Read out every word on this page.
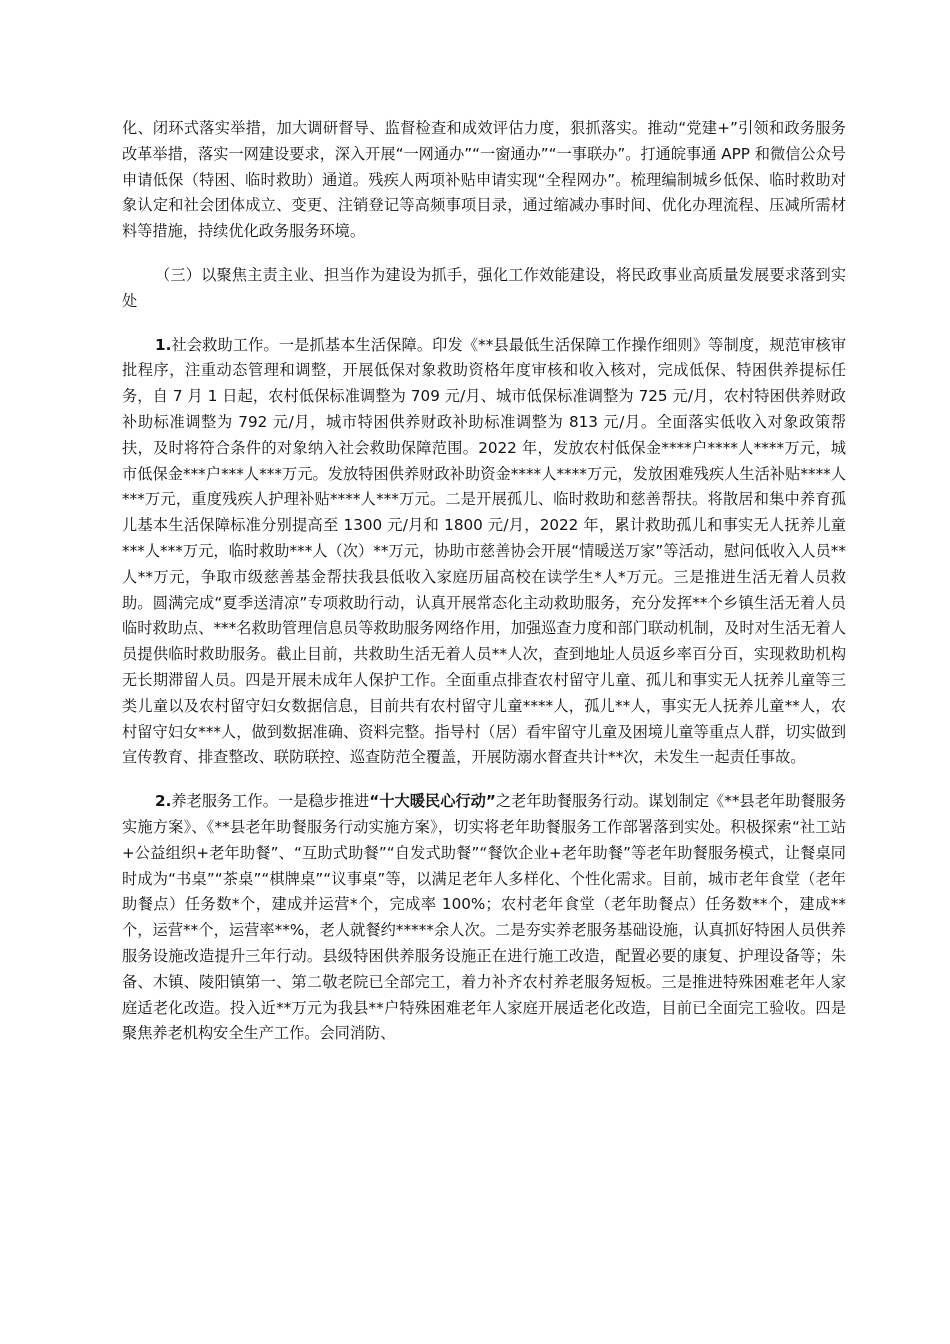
化、闭环式落实举措，加大调研督导、监督检查和成效评估力度，狠抓落实。推动“党建+”引领和政务服务改革举措，落实一网建设要求，深入开展“一网通办”“一窗通办”“一事联办”。打通皖事通 APP 和微信公众号申请低保（特困、临时救助）通道。残疾人两项补贴申请实现“全程网办”。梳理编制城乡低保、临时救助对象认定和社会团体成立、变更、注销登记等高频事项目录，通过缩减办事时间、优化办理流程、压减所需材料等措施，持续优化政务服务环境。

（三）以聚焦主责主业、担当作为建设为抓手，强化工作效能建设，将民政事业高质量发展要求落到实处

1.社会救助工作。一是抓基本生活保障。印发《**县最低生活保障工作操作细则》等制度，规范审核审批程序，注重动态管理和调整，开展低保对象救助资格年度审核和收入核对，完成低保、特困供养提标任务，自 7 月 1 日起，农村低保标准调整为 709 元/月、城市低保标准调整为 725 元/月，农村特困供养财政补助标准调整为 792 元/月，城市特困供养财政补助标准调整为 813 元/月。全面落实低收入对象政策帮扶，及时将符合条件的对象纳入社会救助保障范围。2022 年，发放农村低保金****户****人****万元，城市低保金***户***人***万元。发放特困供养财政补助资金****人****万元，发放困难残疾人生活补贴****人***万元，重度残疾人护理补贴****人***万元。二是开展孤儿、临时救助和慈善帮扶。将散居和集中养育孤儿基本生活保障标准分别提高至 1300 元/月和 1800 元/月，2022 年，累计救助孤儿和事实无人抚养儿童***人***万元，临时救助***人（次）**万元，协助市慈善协会开展“情暖送万家”等活动，慰问低收入人员**人**万元，争取市级慈善基金帮扶我县低收入家庭历届高校在读学生*人*万元。三是推进生活无着人员救助。圆满完成“夏季送清凉”专项救助行动，认真开展常态化主动救助服务，充分发挥**个乡镇生活无着人员临时救助点、***名救助管理信息员等救助服务网络作用，加强巡查力度和部门联动机制，及时对生活无着人员提供临时救助服务。截止目前，共救助生活无着人员**人次，查到地址人员返乡率百分百，实现救助机构无长期滞留人员。四是开展未成年人保护工作。全面重点排查农村留守儿童、孤儿和事实无人抚养儿童等三类儿童以及农村留守妇女数据信息，目前共有农村留守儿童****人，孤儿**人，事实无人抚养儿童**人，农村留守妇女***人，做到数据准确、资料完整。指导村（居）看牢留守儿童及困境儿童等重点人群，切实做到宣传教育、排查整改、联防联控、巡查防范全覆盖，开展防溺水督查共计**次，未发生一起责任事故。

2.养老服务工作。一是稳步推进“十大暖民心行动”之老年助餐服务行动。谋划制定《**县老年助餐服务实施方案》、《**县老年助餐服务行动实施方案》，切实将老年助餐服务工作部署落到实处。积极探索“社工站+公益组织+老年助餐”、“互助式助餐”“自发式助餐”“餐饮企业+老年助餐”等老年助餐服务模式，让餐桌同时成为“书桌”“茶桌”“棋牌桌”“议事桌”等，以满足老年人多样化、个性化需求。目前，城市老年食堂（老年助餐点）任务数*个，建成并运营*个，完成率 100%；农村老年食堂（老年助餐点）任务数**个，建成**个，运营**个，运营率**%，老人就餐约*****余人次。二是夯实养老服务基础设施，认真抓好特困人员供养服务设施改造提升三年行动。县级特困供养服务设施正在进行施工改造，配置必要的康复、护理设备等；朱备、木镇、陵阳镇第一、第二敬老院已全部完工，着力补齐农村养老服务短板。三是推进特殊困难老年人家庭适老化改造。投入近**万元为我县**户特殊困难老年人家庭开展适老化改造，目前已全面完工验收。四是聚焦养老机构安全生产工作。会同消防、
